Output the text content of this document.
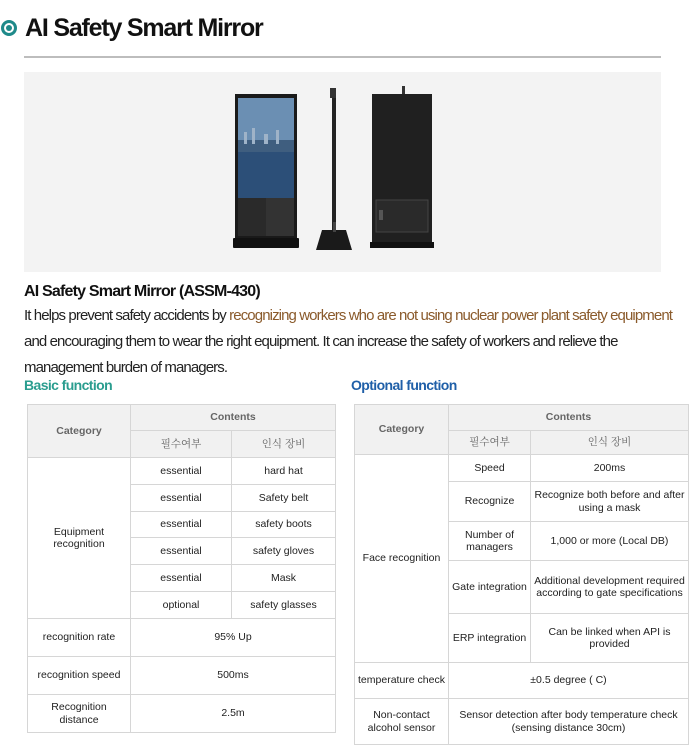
AI Safety Smart Mirror
AI Safety Smart Mirror (ASSM-430)
It helps prevent safety accidents by recognizing workers who are not using nuclear power plant safety equipment and encouraging them to wear the right equipment. It can increase the safety of workers and relieve the management burden of managers.
Basic function	Optional function
Category	Contents	
	필수여부	인식 장비
Equipment recognition	essential	hard hat
	essential	Safety belt
	essential	safety boots
	essential	safety gloves
	essential	Mask
	optional	safety glasses
recognition rate	95% Up	
recognition speed	500ms	
Recognition distance	2.5m	
Category	Contents	
	필수여부	인식 장비
Face recognition	Speed	200ms
	Recognize	Recognize both before and after using a mask
	Number of managers	1,000 or more (Local DB)
	Gate integration	Additional development required according to gate specifications
	ERP integration	Can be linked when API is provided
temperature check	±0.5 degree ( C)	
Non-contact alcohol sensor	Sensor detection after body temperature check (sensing distance 30cm)	
